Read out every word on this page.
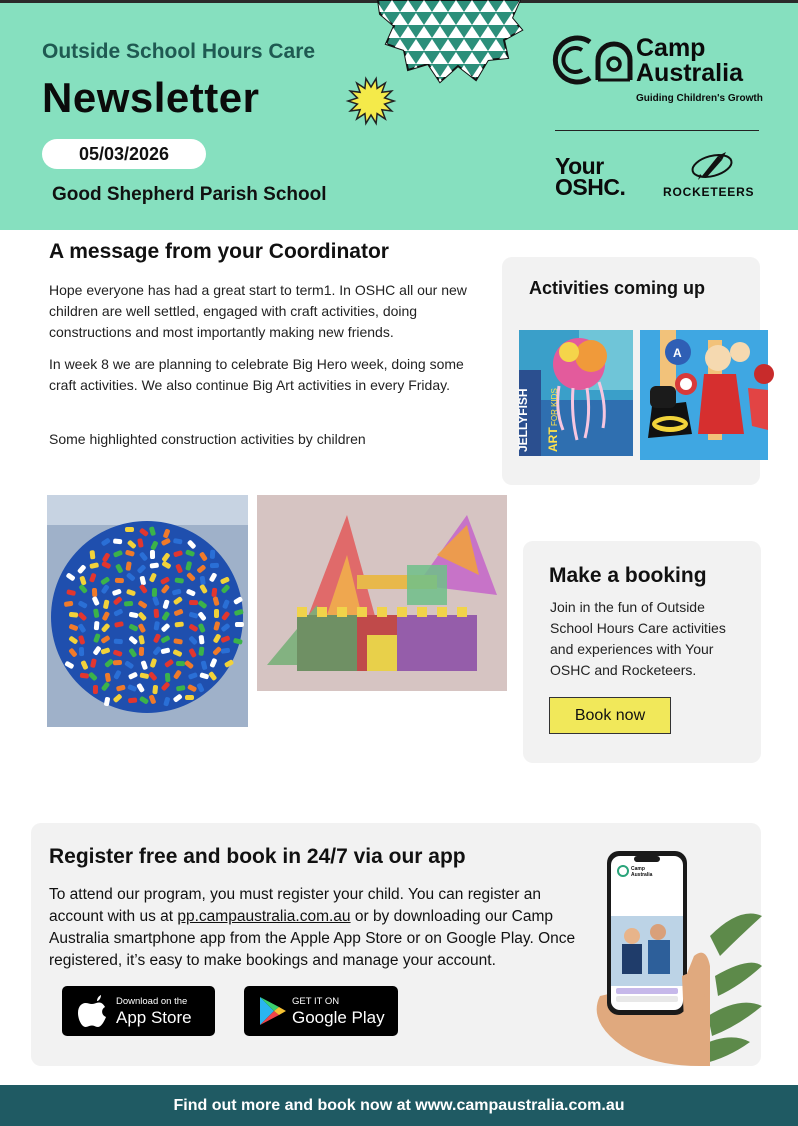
Outside School Hours Care
Newsletter
05/03/2026
Good Shepherd Parish School
Camp
Australia
Guiding Children's Growth
Your
OSHC.	ROCKETEERS
A message from your Coordinator

Hope everyone has had a great start to term1. In OSHC all our new children are well settled, engaged with craft activities, doing constructions and most importantly making new friends.

In week 8 we are planning to celebrate Big Hero week, doing some craft activities. We also continue Big Art activities in every Friday.

Some highlighted construction activities by children

Activities coming up
JELLYFISH ART
FOR KIDS
A
Make a booking

Join in the fun of Outside School Hours Care activities and experiences with Your OSHC and Rocketeers.

Book now
Register free and book in 24/7 via our app

To attend our program, you must register your child. You can register an account with us at pp.campaustralia.com.au or by downloading our Camp Australia smartphone app from the Apple App Store or on Google Play. Once registered, it’s easy to make bookings and manage your account.

Download on the
App Store
GET IT ON
Google Play
Camp
Australia
Find out more and book now at www.campaustralia.com.au
